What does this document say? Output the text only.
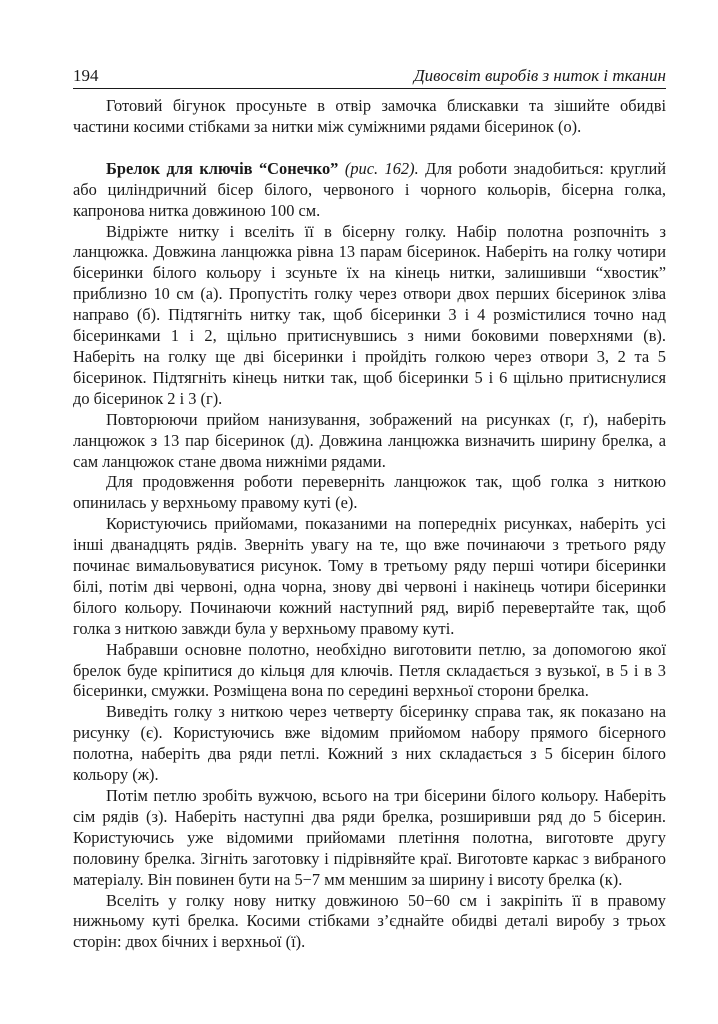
194	Дивосвіт виробів з ниток і тканин

Готовий бігунок просуньте в отвір замочка блискавки та зішийте обидві частини косими стібками за нитки між суміжними рядами бісеринок (о).

Брелок для ключів “Сонечко” (рис. 162). Для роботи знадобиться: круглий або циліндричний бісер білого, червоного і чорного кольорів, бісерна голка, капронова нитка довжиною 100 см.

Відріжте нитку і вселіть її в бісерну голку. Набір полотна розпочніть з ланцюжка. Довжина ланцюжка рівна 13 парам бісеринок. Наберіть на голку чотири бісеринки білого кольору і зсуньте їх на кінець нитки, залишивши “хвостик” приблизно 10 см (а). Пропустіть голку через отвори двох перших бісеринок зліва направо (б). Підтягніть нитку так, щоб бісеринки 3 і 4 розмістилися точно над бісеринками 1 і 2, щільно притиснувшись з ними боковими поверхнями (в). Наберіть на голку ще дві бісеринки і пройдіть голкою через отвори 3, 2 та 5 бісеринок. Підтягніть кінець нитки так, щоб бісеринки 5 і 6 щільно притиснулися до бісеринок 2 і 3 (г).

Повторюючи прийом нанизування, зображений на рисунках (г, ґ), наберіть ланцюжок з 13 пар бісеринок (д). Довжина ланцюжка визначить ширину брелка, а сам ланцюжок стане двома нижніми рядами.

Для продовження роботи переверніть ланцюжок так, щоб голка з ниткою опинилась у верхньому правому куті (е).

Користуючись прийомами, показаними на попередніх рисунках, наберіть усі інші дванадцять рядів. Зверніть увагу на те, що вже починаючи з третього ряду починає вимальовуватися рисунок. Тому в третьому ряду перші чотири бісеринки білі, потім дві червоні, одна чорна, знову дві червоні і накінець чотири бісеринки білого кольору. Починаючи кожний наступний ряд, виріб перевертайте так, щоб голка з ниткою завжди була у верхньому правому куті.

Набравши основне полотно, необхідно виготовити петлю, за допомогою якої брелок буде кріпитися до кільця для ключів. Петля складається з вузької, в 5 і в 3 бісеринки, смужки. Розміщена вона по середині верхньої сторони брелка.

Виведіть голку з ниткою через четверту бісеринку справа так, як показано на рисунку (є). Користуючись вже відомим прийомом набору прямого бісерного полотна, наберіть два ряди петлі. Кожний з них складається з 5 бісерин білого кольору (ж).

Потім петлю зробіть вужчою, всього на три бісерини білого кольору. Наберіть сім рядів (з). Наберіть наступні два ряди брелка, розширивши ряд до 5 бісерин. Користуючись уже відомими прийомами плетіння полотна, виготовте другу половину брелка. Зігніть заготовку і підрівняйте краї. Виготовте каркас з вибраного матеріалу. Він повинен бути на 5−7 мм меншим за ширину і висоту брелка (к).

Вселіть у голку нову нитку довжиною 50−60 см і закріпіть її в правому нижньому куті брелка. Косими стібками з’єднайте обидві деталі виробу з трьох сторін: двох бічних і верхньої (ї).
